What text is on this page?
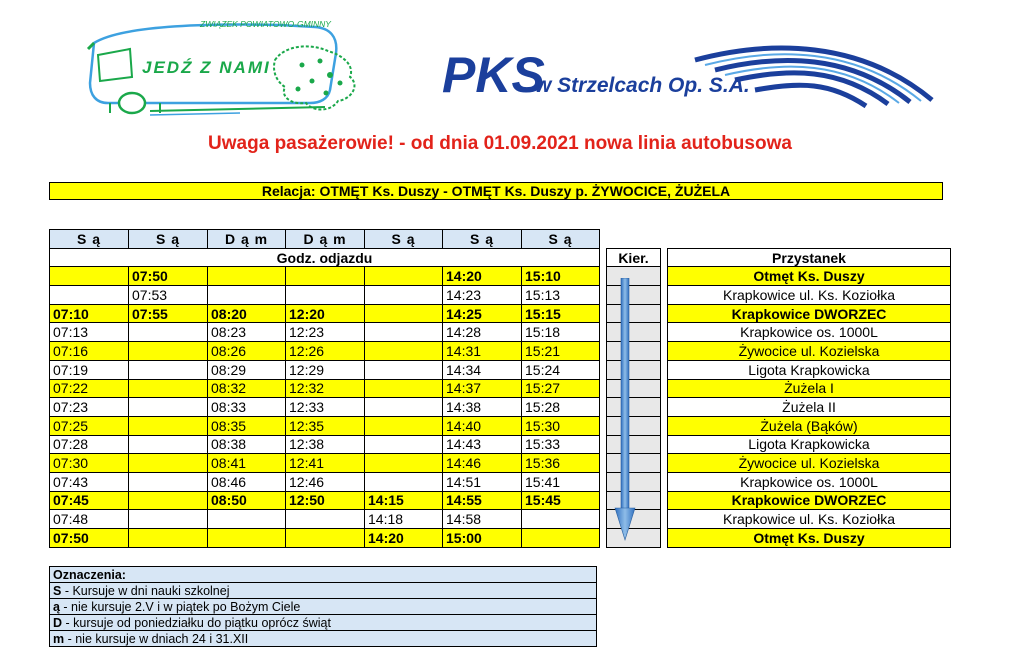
ZWIĄZEK POWIATOWO-GMINNY
JEDŹ Z NAMI	PKS
w Strzelcach Op. S.A.
Uwaga pasażerowie! - od dnia 01.09.2021 nowa linia autobusowa
Relacja: OTMĘT Ks. Duszy - OTMĘT Ks. Duszy p. ŻYWOCICE, ŻUŻELA
S ą	S ą	D ą m	D ą m	S ą	S ą	S ą				
Godz. odjazdu								Kier.		Przystanek
	07:50				14:20	15:10				Otmęt Ks. Duszy
	07:53				14:23	15:13				Krapkowice ul. Ks. Koziołka
07:10	07:55	08:20	12:20		14:25	15:15				Krapkowice DWORZEC
07:13		08:23	12:23		14:28	15:18				Krapkowice os. 1000L
07:16		08:26	12:26		14:31	15:21				Żywocice ul. Kozielska
07:19		08:29	12:29		14:34	15:24				Ligota Krapkowicka
07:22		08:32	12:32		14:37	15:27				Żużela I
07:23		08:33	12:33		14:38	15:28				Żużela II
07:25		08:35	12:35		14:40	15:30				Żużela (Bąków)
07:28		08:38	12:38		14:43	15:33				Ligota Krapkowicka
07:30		08:41	12:41		14:46	15:36				Żywocice ul. Kozielska
07:43		08:46	12:46		14:51	15:41				Krapkowice os. 1000L
07:45		08:50	12:50	14:15	14:55	15:45				Krapkowice DWORZEC
07:48				14:18	14:58					Krapkowice ul. Ks. Koziołka
07:50				14:20	15:00					Otmęt Ks. Duszy
Oznaczenia:
S - Kursuje w dni nauki szkolnej
ą - nie kursuje 2.V i w piątek po Bożym Ciele
D - kursuje od poniedziałku do piątku oprócz świąt
m - nie kursuje w dniach 24 i 31.XII
